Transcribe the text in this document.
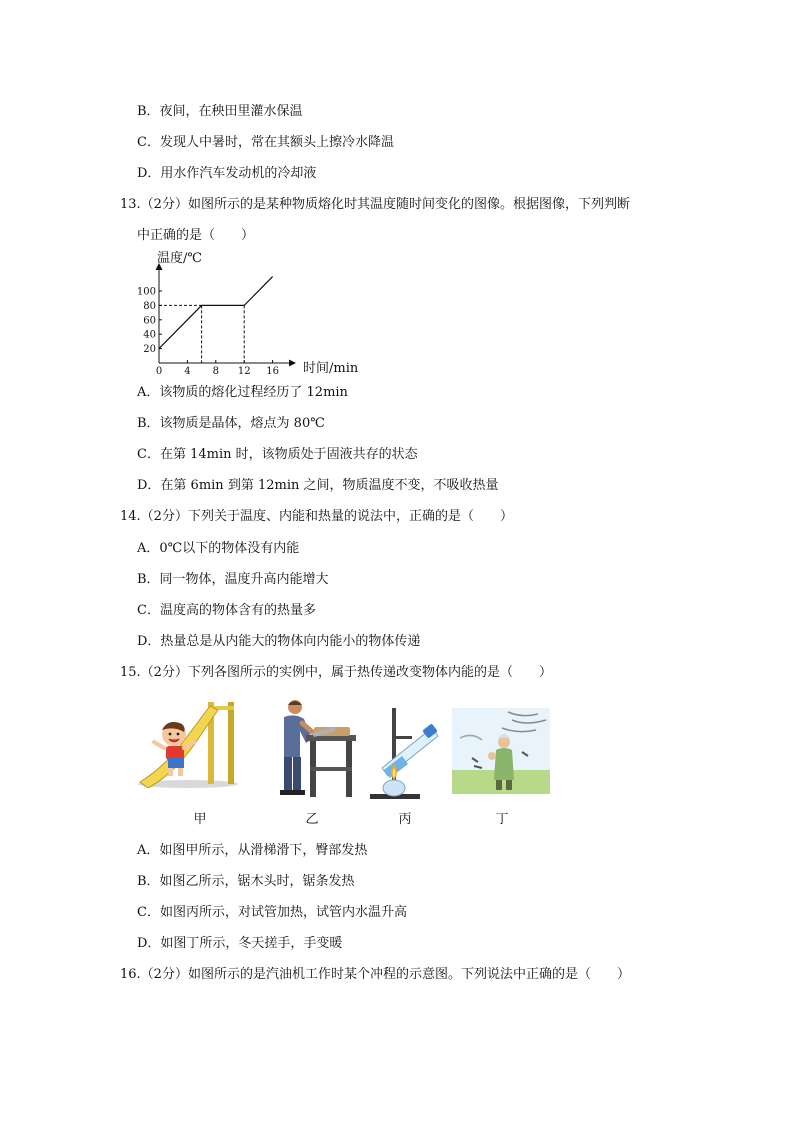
B．夜间，在秧田里灌水保温
C．发现人中暑时，常在其额头上擦冷水降温
D．用水作汽车发动机的冷却液
13.（2分）如图所示的是某种物质熔化时其温度随时间变化的图像。根据图像，下列判断
中正确的是（　　）
温度/℃
时间/min
0 4 8 12 16
20
40
60
80
100
A．该物质的熔化过程经历了 12min
B．该物质是晶体，熔点为 80℃
C．在第 14min 时，该物质处于固液共存的状态
D．在第 6min 到第 12min 之间，物质温度不变，不吸收热量
14.（2分）下列关于温度、内能和热量的说法中，正确的是（　　）
A．0℃以下的物体没有内能
B．同一物体，温度升高内能增大
C．温度高的物体含有的热量多
D．热量总是从内能大的物体向内能小的物体传递
15.（2分）下列各图所示的实例中，属于热传递改变物体内能的是（　　）
甲	乙	丙	丁
A．如图甲所示，从滑梯滑下，臀部发热
B．如图乙所示，锯木头时，锯条发热
C．如图丙所示，对试管加热，试管内水温升高
D．如图丁所示，冬天搓手，手变暖
16.（2分）如图所示的是汽油机工作时某个冲程的示意图。下列说法中正确的是（　　）
